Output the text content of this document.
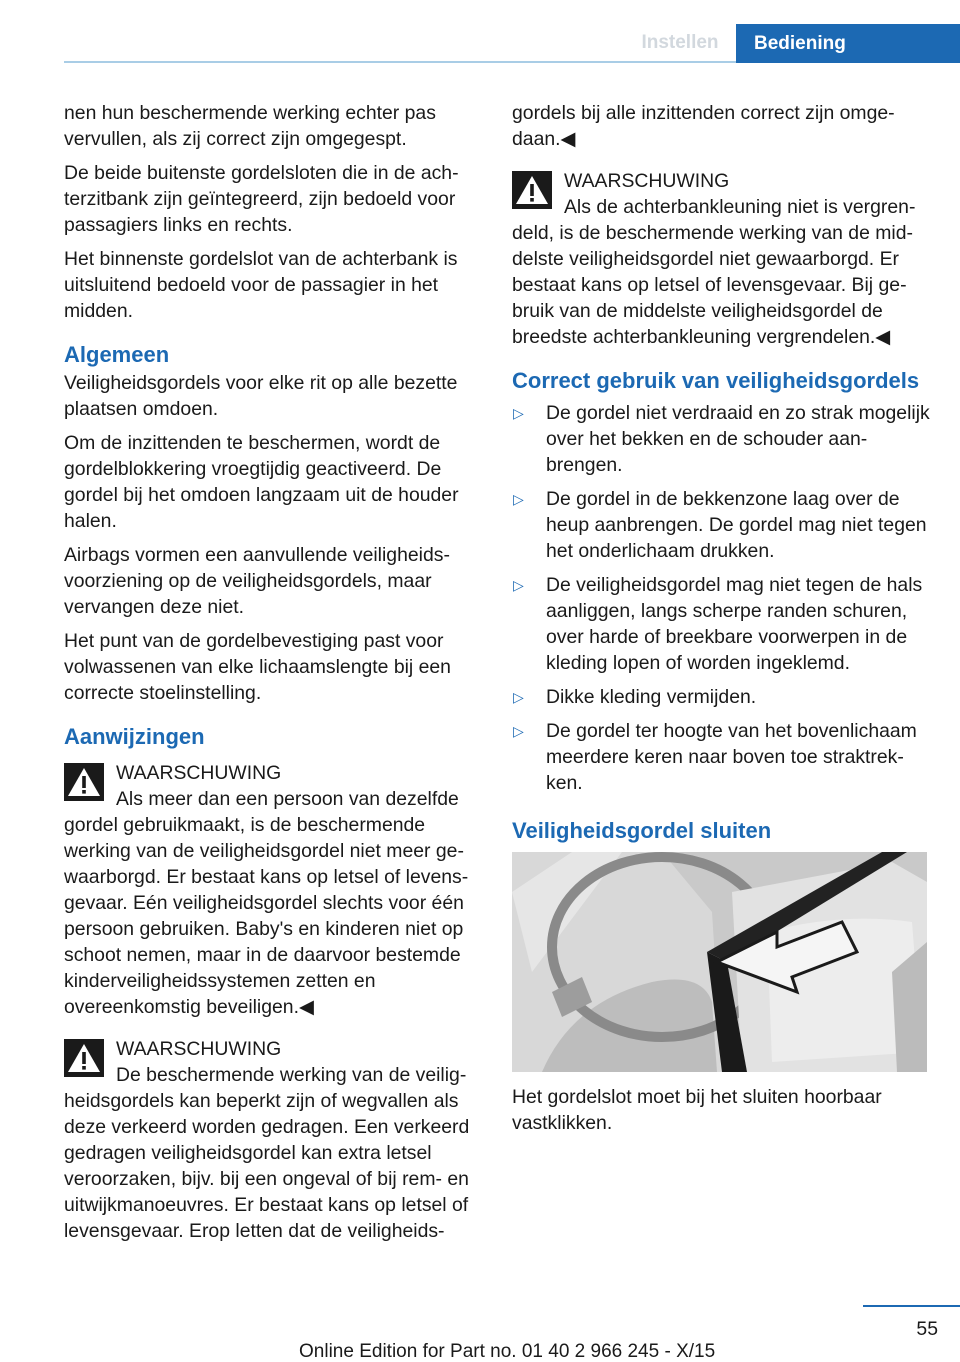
Instellen	Bediening

nen hun beschermende werking echter pas vervullen, als zij correct zijn omgegespt.

De beide buitenste gordelsloten die in de achterzitbank zijn geïntegreerd, zijn bedoeld voor passagiers links en rechts.

Het binnenste gordelslot van de achterbank is uitsluitend bedoeld voor de passagier in het midden.

Algemeen

Veiligheidsgordels voor elke rit op alle bezette plaatsen omdoen.

Om de inzittenden te beschermen, wordt de gordelblokkering vroegtijdig geactiveerd. De gordel bij het omdoen langzaam uit de houder halen.

Airbags vormen een aanvullende veiligheidsvoorziening op de veiligheidsgordels, maar vervangen deze niet.

Het punt van de gordelbevestiging past voor volwassenen van elke lichaamslengte bij een correcte stoelinstelling.

Aanwijzingen
WAARSCHUWING
Als meer dan een persoon van dezelfde gordel gebruikmaakt, is de beschermende werking van de veiligheidsgordel niet meer gewaarborgd. Er bestaat kans op letsel of levensgevaar. Eén veiligheidsgordel slechts voor één persoon gebruiken. Baby's en kinderen niet op schoot nemen, maar in de daarvoor bestemde kinderveiligheidssystemen zetten en overeenkomstig beveiligen.◀
WAARSCHUWING
De beschermende werking van de veiligheidsgordels kan beperkt zijn of wegvallen als deze verkeerd worden gedragen. Een verkeerd gedragen veiligheidsgordel kan extra letsel veroorzaken, bijv. bij een ongeval of bij rem- en uitwijkmanoeuvres. Er bestaat kans op letsel of levensgevaar. Erop letten dat de veiligheids-

gordels bij alle inzittenden correct zijn omgedaan.◀

WAARSCHUWING
Als de achterbankleuning niet is vergrendeld, is de beschermende werking van de middelste veiligheidsgordel niet gewaarborgd. Er bestaat kans op letsel of levensgevaar. Bij gebruik van de middelste veiligheidsgordel de breedste achterbankleuning vergrendelen.◀
Correct gebruik van veiligheidsgordels
▷ De gordel niet verdraaid en zo strak mogelijk over het bekken en de schouder aanbrengen.
▷ De gordel in de bekkenzone laag over de heup aanbrengen. De gordel mag niet tegen het onderlichaam drukken.
▷ De veiligheidsgordel mag niet tegen de hals aanliggen, langs scherpe randen schuren, over harde of breekbare voorwerpen in de kleding lopen of worden ingeklemd.
▷ Dikke kleding vermijden.
▷ De gordel ter hoogte van het bovenlichaam meerdere keren naar boven toe straktrekken.
Veiligheidsgordel sluiten

Het gordelslot moet bij het sluiten hoorbaar vastklikken.

55
Online Edition for Part no. 01 40 2 966 245 - X/15
